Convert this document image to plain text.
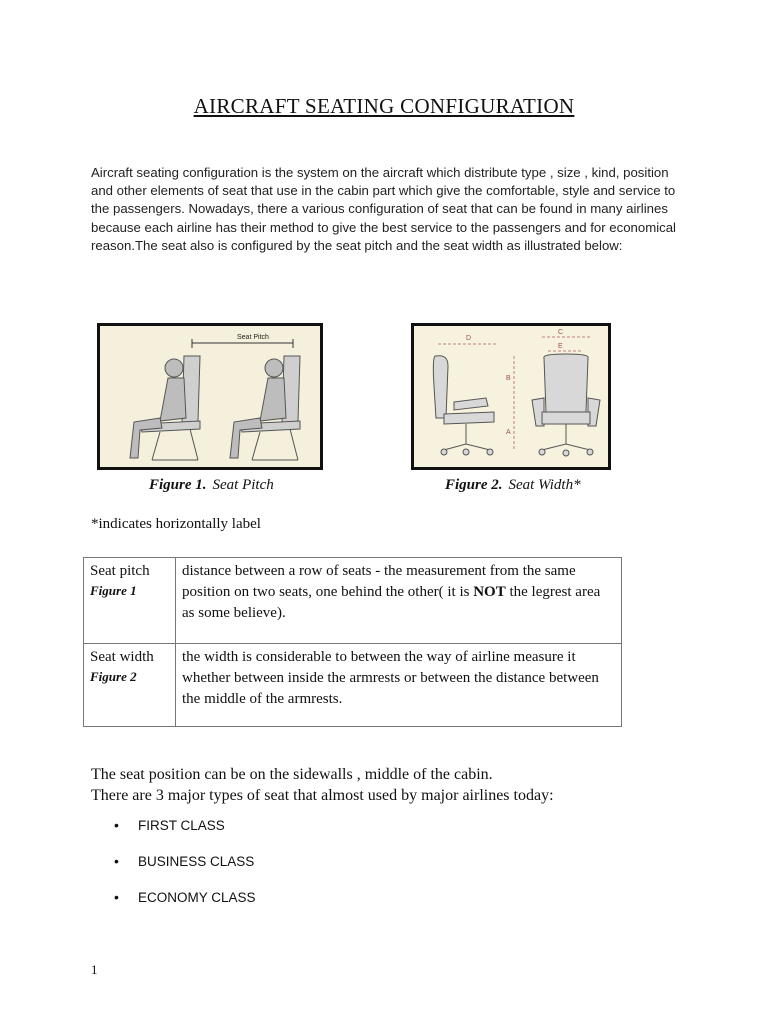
AIRCRAFT SEATING CONFIGURATION
Aircraft seating configuration is the system on the aircraft which distribute type , size , kind, position and other elements of seat that use in the cabin part which give the comfortable, style and service to the passengers. Nowadays, there a various configuration of seat that can be found in many airlines because each airline has their method to give the best service to the passengers and for economical reason.The seat also is configured by the seat pitch and the seat width as illustrated below:
Seat Pitch	D
C
E
B
A
Figure 1. Seat Pitch	Figure 2. Seat Width*
*indicates horizontally label
Seat pitch
Figure 1	distance between a row of seats - the measurement from the same position on two seats, one behind the other( it is NOT the legrest area as some believe).
Seat width
Figure 2	the width is considerable to between the way of airline measure it whether between inside the armrests or between the distance between the middle of the armrests.
The seat position can be on the sidewalls , middle of the cabin.
There are 3 major types of seat that almost used by major airlines today:
• FIRST CLASS
• BUSINESS CLASS
• ECONOMY CLASS
1
